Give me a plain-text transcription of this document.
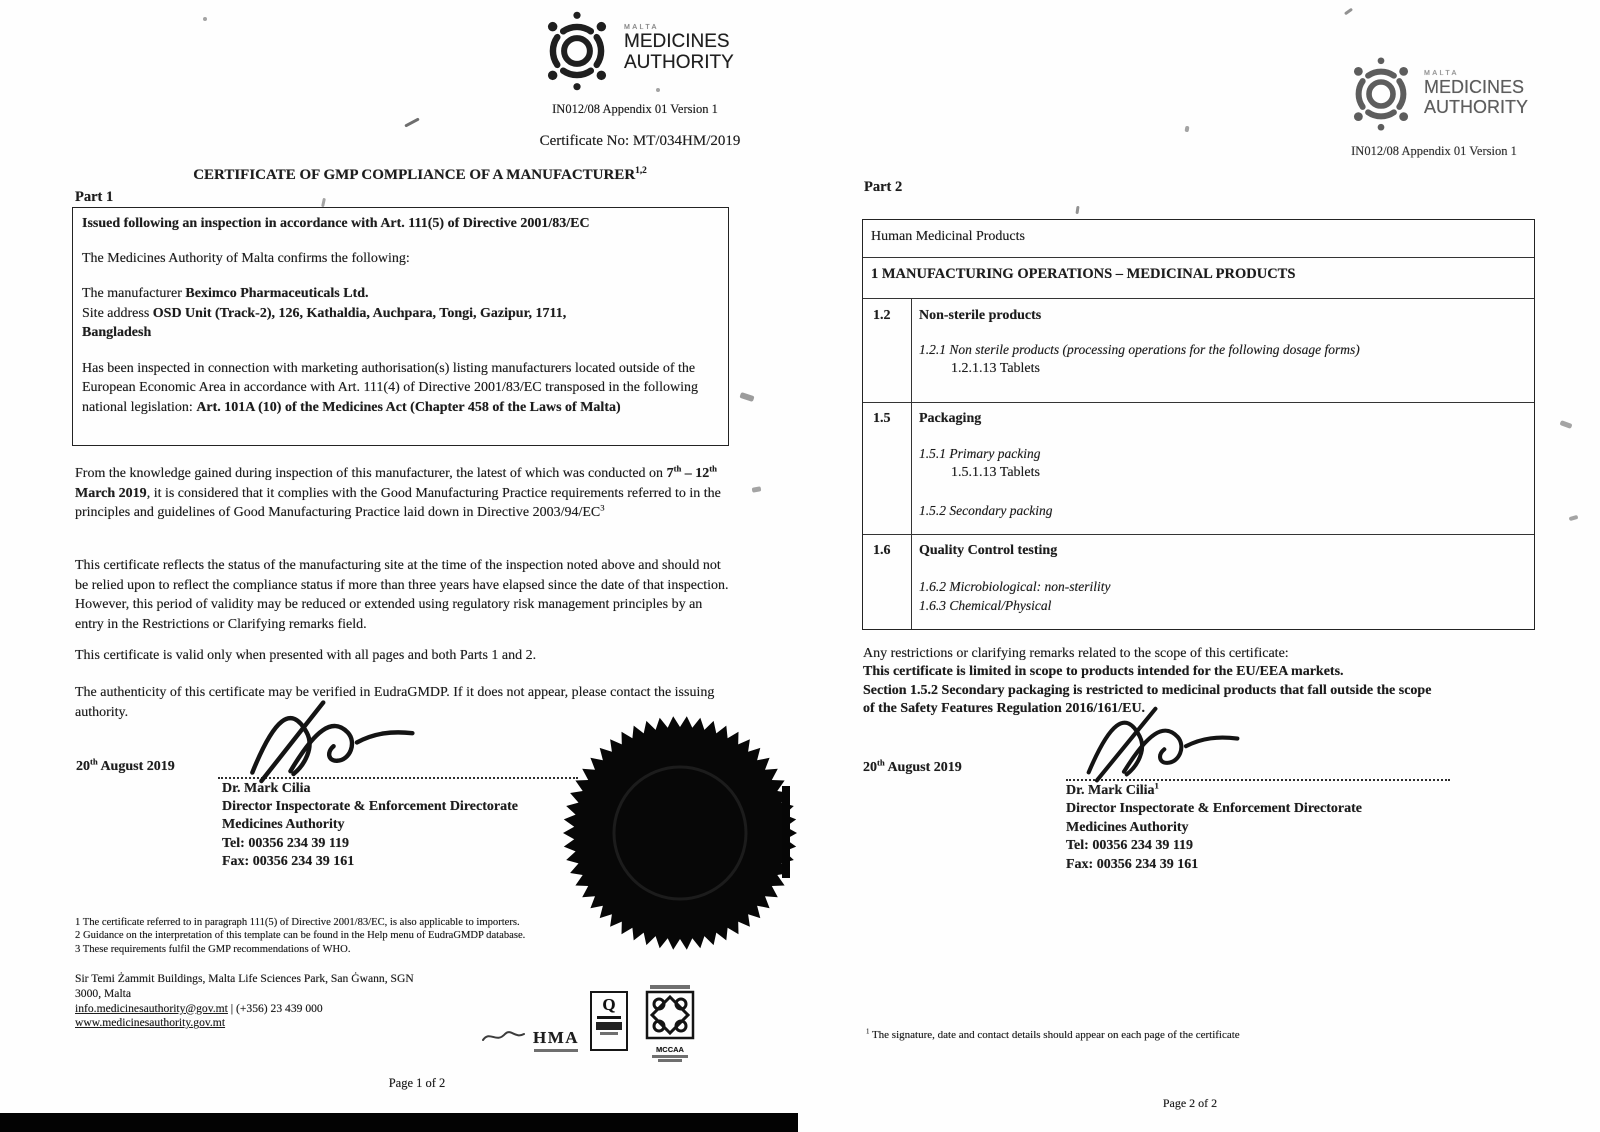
MALTA
MEDICINES
AUTHORITY
IN012/08 Appendix 01 Version 1
Certificate No: MT/034HM/2019
CERTIFICATE OF GMP COMPLIANCE OF A MANUFACTURER$^{1,2}$
Part 1
Issued following an inspection in accordance with Art. 111(5) of Directive 2001/83/EC
The Medicines Authority of Malta confirms the following:
The manufacturer Beximco Pharmaceuticals Ltd.
Site address OSD Unit (Track-2), 126, Kathaldia, Auchpara, Tongi, Gazipur, 1711,
Bangladesh
Has been inspected in connection with marketing authorisation(s) listing manufacturers located outside of the European Economic Area in accordance with Art. 111(4) of Directive 2001/83/EC transposed in the following national legislation: Art. 101A (10) of the Medicines Act (Chapter 458 of the Laws of Malta)
From the knowledge gained during inspection of this manufacturer, the latest of which was conducted on 7th – 12th March 2019, it is considered that it complies with the Good Manufacturing Practice requirements referred to in the principles and guidelines of Good Manufacturing Practice laid down in Directive $2003/94/EC^3$
This certificate reflects the status of the manufacturing site at the time of the inspection noted above and should not be relied upon to reflect the compliance status if more than three years have elapsed since the date of that inspection. However, this period of validity may be reduced or extended using regulatory risk management principles by an entry in the Restrictions or Clarifying remarks field.
This certificate is valid only when presented with all pages and both Parts 1 and 2.
The authenticity of this certificate may be verified in EudraGMDP. If it does not appear, please contact the issuing authority.
20th August 2019
Dr. Mark Cilia
Director Inspectorate & Enforcement Directorate
Medicines Authority
Tel: 00356 234 39 119
Fax: 00356 234 39 161
1 The certificate referred to in paragraph 111(5) of Directive 2001/83/EC, is also applicable to importers.
2 Guidance on the interpretation of this template can be found in the Help menu of EudraGMDP database.
3 These requirements fulfil the GMP recommendations of WHO.
Sir Temi Żammit Buildings, Malta Life Sciences Park, San Ġwann, SGN
3000, Malta
info.medicinesauthority@gov.mt | (+356) 23 439 000
www.medicinesauthority.gov.mt
HMA
Q
MCCAA
Page 1 of 2
MALTA
MEDICINES
AUTHORITY
IN012/08 Appendix 01 Version 1
Part 2
Human Medicinal Products
1 MANUFACTURING OPERATIONS – MEDICINAL PRODUCTS
1.2 Non-sterile products
1.2.1 Non sterile products (processing operations for the following dosage forms)
1.2.1.13 Tablets
1.5 Packaging
1.5.1 Primary packing
1.5.1.13 Tablets
1.5.2 Secondary packing
1.6 Quality Control testing
1.6.2 Microbiological: non-sterility
1.6.3 Chemical/Physical
Any restrictions or clarifying remarks related to the scope of this certificate:
This certificate is limited in scope to products intended for the EU/EEA markets.
Section 1.5.2 Secondary packaging is restricted to medicinal products that fall outside the scope
of the Safety Features Regulation 2016/161/EU.
20th August 2019
Dr. Mark Cilia$^1$
Director Inspectorate & Enforcement Directorate
Medicines Authority
Tel: 00356 234 39 119
Fax: 00356 234 39 161
$^1$ The signature, date and contact details should appear on each page of the certificate
Page 2 of 2
